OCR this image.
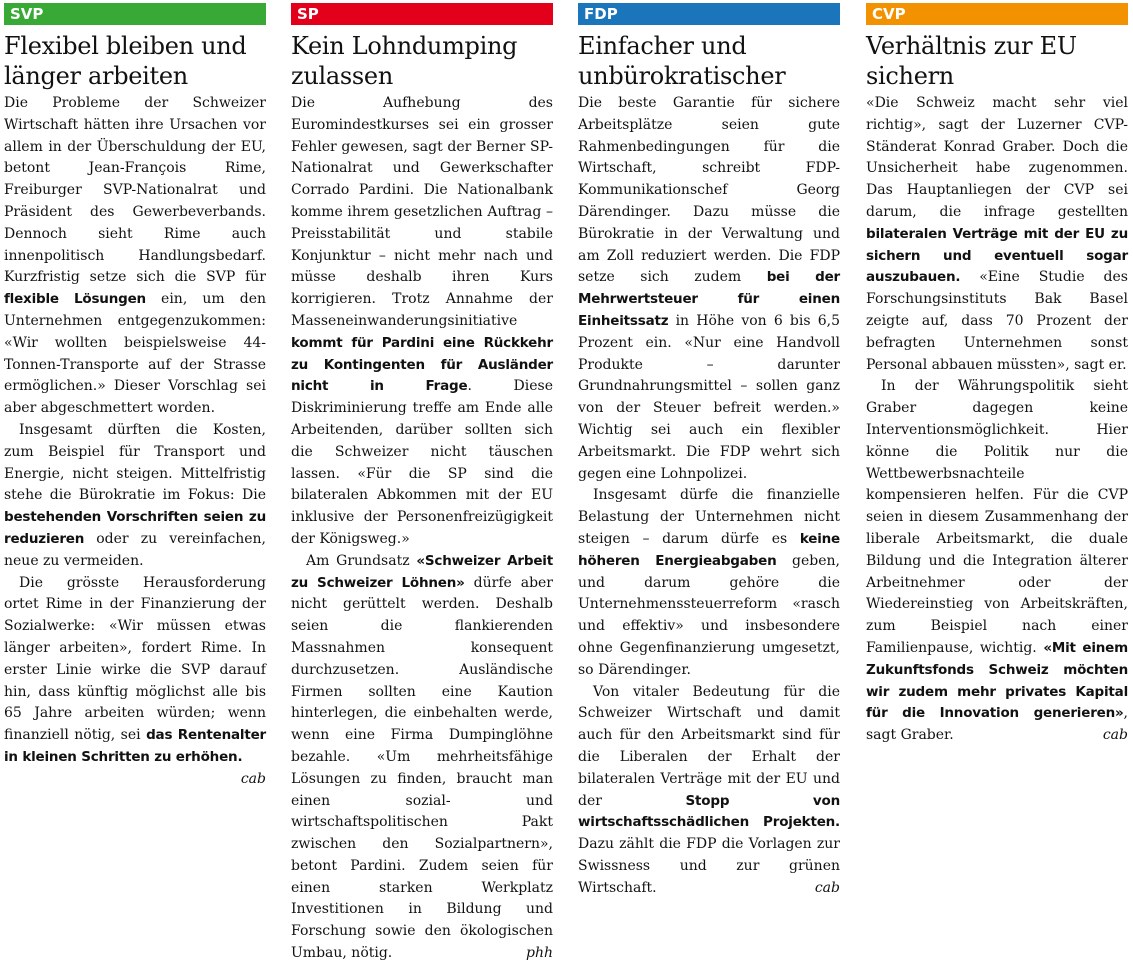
SVP
Flexibel bleiben und länger arbeiten

Die Probleme der Schweizer Wirtschaft hätten ihre Ursachen vor allem in der Überschuldung der EU, betont Jean-François Rime, Freiburger SVP-Nationalrat und Präsident des Gewerbeverbands. Dennoch sieht Rime auch innenpolitisch Handlungsbedarf. Kurzfristig setze sich die SVP für flexible Lösungen ein, um den Unternehmen entgegenzukommen: «Wir wollten beispielsweise 44-Tonnen-Transporte auf der Strasse ermöglichen.» Dieser Vorschlag sei aber abgeschmettert worden.

Insgesamt dürften die Kosten, zum Beispiel für Transport und Energie, nicht steigen. Mittelfristig stehe die Bürokratie im Fokus: Die bestehenden Vorschriften seien zu reduzieren oder zu vereinfachen, neue zu vermeiden.

Die grösste Herausforderung ortet Rime in der Finanzierung der Sozialwerke: «Wir müssen etwas länger arbeiten», fordert Rime. In erster Linie wirke die SVP darauf hin, dass künftig möglichst alle bis 65 Jahre arbeiten würden; wenn finanziell nötig, sei das Rentenalter in kleinen Schritten zu erhöhen.
cab

SP
Kein Lohndumping zulassen

Die Aufhebung des Euromindestkurses sei ein grosser Fehler gewesen, sagt der Berner SP-Nationalrat und Gewerkschafter Corrado Pardini. Die Nationalbank komme ihrem gesetzlichen Auftrag – Preisstabilität und stabile Konjunktur – nicht mehr nach und müsse deshalb ihren Kurs korrigieren. Trotz Annahme der Masseneinwanderungsinitiative kommt für Pardini eine Rückkehr zu Kontingenten für Ausländer nicht in Frage. Diese Diskriminierung treffe am Ende alle Arbeitenden, darüber sollten sich die Schweizer nicht täuschen lassen. «Für die SP sind die bilateralen Abkommen mit der EU inklusive der Personenfreizügigkeit der Königsweg.»

Am Grundsatz «Schweizer Arbeit zu Schweizer Löhnen» dürfe aber nicht gerüttelt werden. Deshalb seien die flankierenden Massnahmen konsequent durchzusetzen. Ausländische Firmen sollten eine Kaution hinterlegen, die einbehalten werde, wenn eine Firma Dumpinglöhne bezahle. «Um mehrheitsfähige Lösungen zu finden, braucht man einen sozial- und wirtschaftspolitischen Pakt zwischen den Sozialpartnern», betont Pardini. Zudem seien für einen starken Werkplatz Investitionen in Bildung und Forschung sowie den ökologischen Umbau, nötig.	phh

FDP
Einfacher und unbürokratischer

Die beste Garantie für sichere Arbeitsplätze seien gute Rahmenbedingungen für die Wirtschaft, schreibt FDP-Kommunikationschef Georg Därendinger. Dazu müsse die Bürokratie in der Verwaltung und am Zoll reduziert werden. Die FDP setze sich zudem bei der Mehrwertsteuer für einen Einheitssatz in Höhe von 6 bis 6,5 Prozent ein. «Nur eine Handvoll Produkte – darunter Grundnahrungsmittel – sollen ganz von der Steuer befreit werden.» Wichtig sei auch ein flexibler Arbeitsmarkt. Die FDP wehrt sich gegen eine Lohnpolizei.

Insgesamt dürfe die finanzielle Belastung der Unternehmen nicht steigen – darum dürfe es keine höheren Energieabgaben geben, und darum gehöre die Unternehmenssteuerreform «rasch und effektiv» und insbesondere ohne Gegenfinanzierung umgesetzt, so Därendinger.

Von vitaler Bedeutung für die Schweizer Wirtschaft und damit auch für den Arbeitsmarkt sind für die Liberalen der Erhalt der bilateralen Verträge mit der EU und der Stopp von wirtschaftsschädlichen Projekten. Dazu zählt die FDP die Vorlagen zur Swissness und zur grünen Wirtschaft.	cab

CVP
Verhältnis zur EU sichern

«Die Schweiz macht sehr viel richtig», sagt der Luzerner CVP-Ständerat Konrad Graber. Doch die Unsicherheit habe zugenommen. Das Hauptanliegen der CVP sei darum, die infrage gestellten bilateralen Verträge mit der EU zu sichern und eventuell sogar auszubauen. «Eine Studie des Forschungsinstituts Bak Basel zeigte auf, dass 70 Prozent der befragten Unternehmen sonst Personal abbauen müssten», sagt er.

In der Währungspolitik sieht Graber dagegen keine Interventionsmöglichkeit. Hier könne die Politik nur die Wettbewerbsnachteile kompensieren helfen. Für die CVP seien in diesem Zusammenhang der liberale Arbeitsmarkt, die duale Bildung und die Integration älterer Arbeitnehmer oder der Wiedereinstieg von Arbeitskräften, zum Beispiel nach einer Familienpause, wichtig. «Mit einem Zukunftsfonds Schweiz möchten wir zudem mehr privates Kapital für die Innovation generieren», sagt Graber.	cab
